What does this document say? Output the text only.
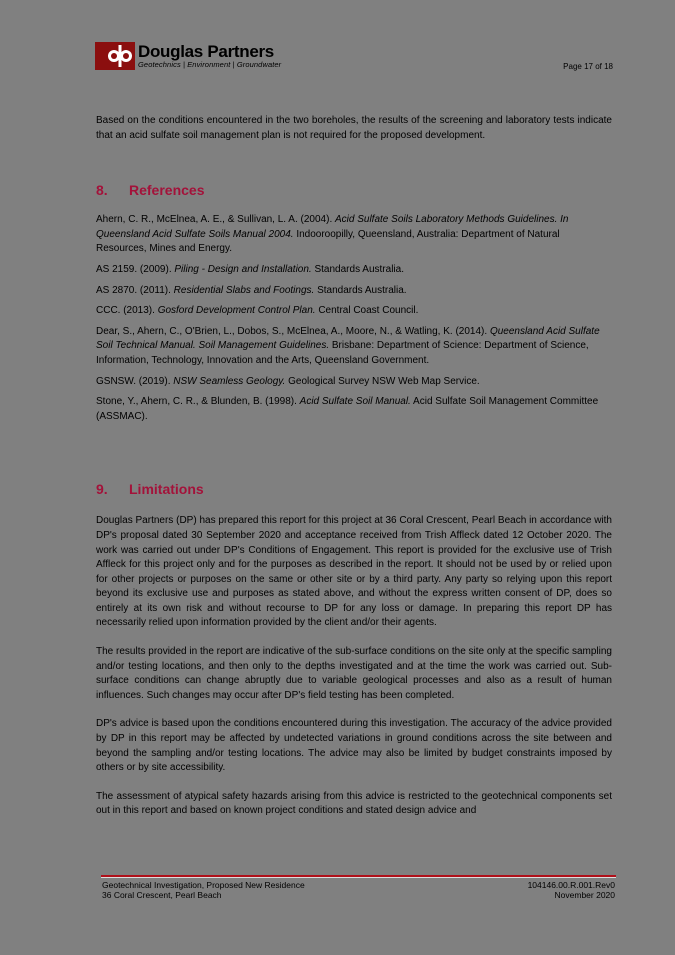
Douglas Partners
Geotechnics | Environment | Groundwater	Page 17 of 18

Based on the conditions encountered in the two boreholes, the results of the screening and laboratory tests indicate that an acid sulfate soil management plan is not required for the proposed development.

8.	References

Ahern, C. R., McElnea, A. E., & Sullivan, L. A. (2004). Acid Sulfate Soils Laboratory Methods Guidelines. In Queensland Acid Sulfate Soils Manual 2004. Indooroopilly, Queensland, Australia: Department of Natural Resources, Mines and Energy.

AS 2159. (2009). Piling - Design and Installation. Standards Australia.

AS 2870. (2011). Residential Slabs and Footings. Standards Australia.

CCC. (2013). Gosford Development Control Plan. Central Coast Council.

Dear, S., Ahern, C., O'Brien, L., Dobos, S., McElnea, A., Moore, N., & Watling, K. (2014). Queensland Acid Sulfate Soil Technical Manual. Soil Management Guidelines. Brisbane: Department of Science: Department of Science, Information, Technology, Innovation and the Arts, Queensland Government.

GSNSW. (2019). NSW Seamless Geology. Geological Survey NSW Web Map Service.

Stone, Y., Ahern, C. R., & Blunden, B. (1998). Acid Sulfate Soil Manual. Acid Sulfate Soil Management Committee (ASSMAC).

9.	Limitations

Douglas Partners (DP) has prepared this report for this project at 36 Coral Crescent, Pearl Beach in accordance with DP's proposal dated 30 September 2020 and acceptance received from Trish Affleck dated 12 October 2020. The work was carried out under DP's Conditions of Engagement. This report is provided for the exclusive use of Trish Affleck for this project only and for the purposes as described in the report. It should not be used by or relied upon for other projects or purposes on the same or other site or by a third party. Any party so relying upon this report beyond its exclusive use and purposes as stated above, and without the express written consent of DP, does so entirely at its own risk and without recourse to DP for any loss or damage. In preparing this report DP has necessarily relied upon information provided by the client and/or their agents.

The results provided in the report are indicative of the sub-surface conditions on the site only at the specific sampling and/or testing locations, and then only to the depths investigated and at the time the work was carried out. Sub-surface conditions can change abruptly due to variable geological processes and also as a result of human influences. Such changes may occur after DP's field testing has been completed.

DP's advice is based upon the conditions encountered during this investigation. The accuracy of the advice provided by DP in this report may be affected by undetected variations in ground conditions across the site between and beyond the sampling and/or testing locations. The advice may also be limited by budget constraints imposed by others or by site accessibility.

The assessment of atypical safety hazards arising from this advice is restricted to the geotechnical components set out in this report and based on known project conditions and stated design advice and

Geotechnical Investigation, Proposed New Residence
36 Coral Crescent, Pearl Beach
104146.00.R.001.Rev0
November 2020
